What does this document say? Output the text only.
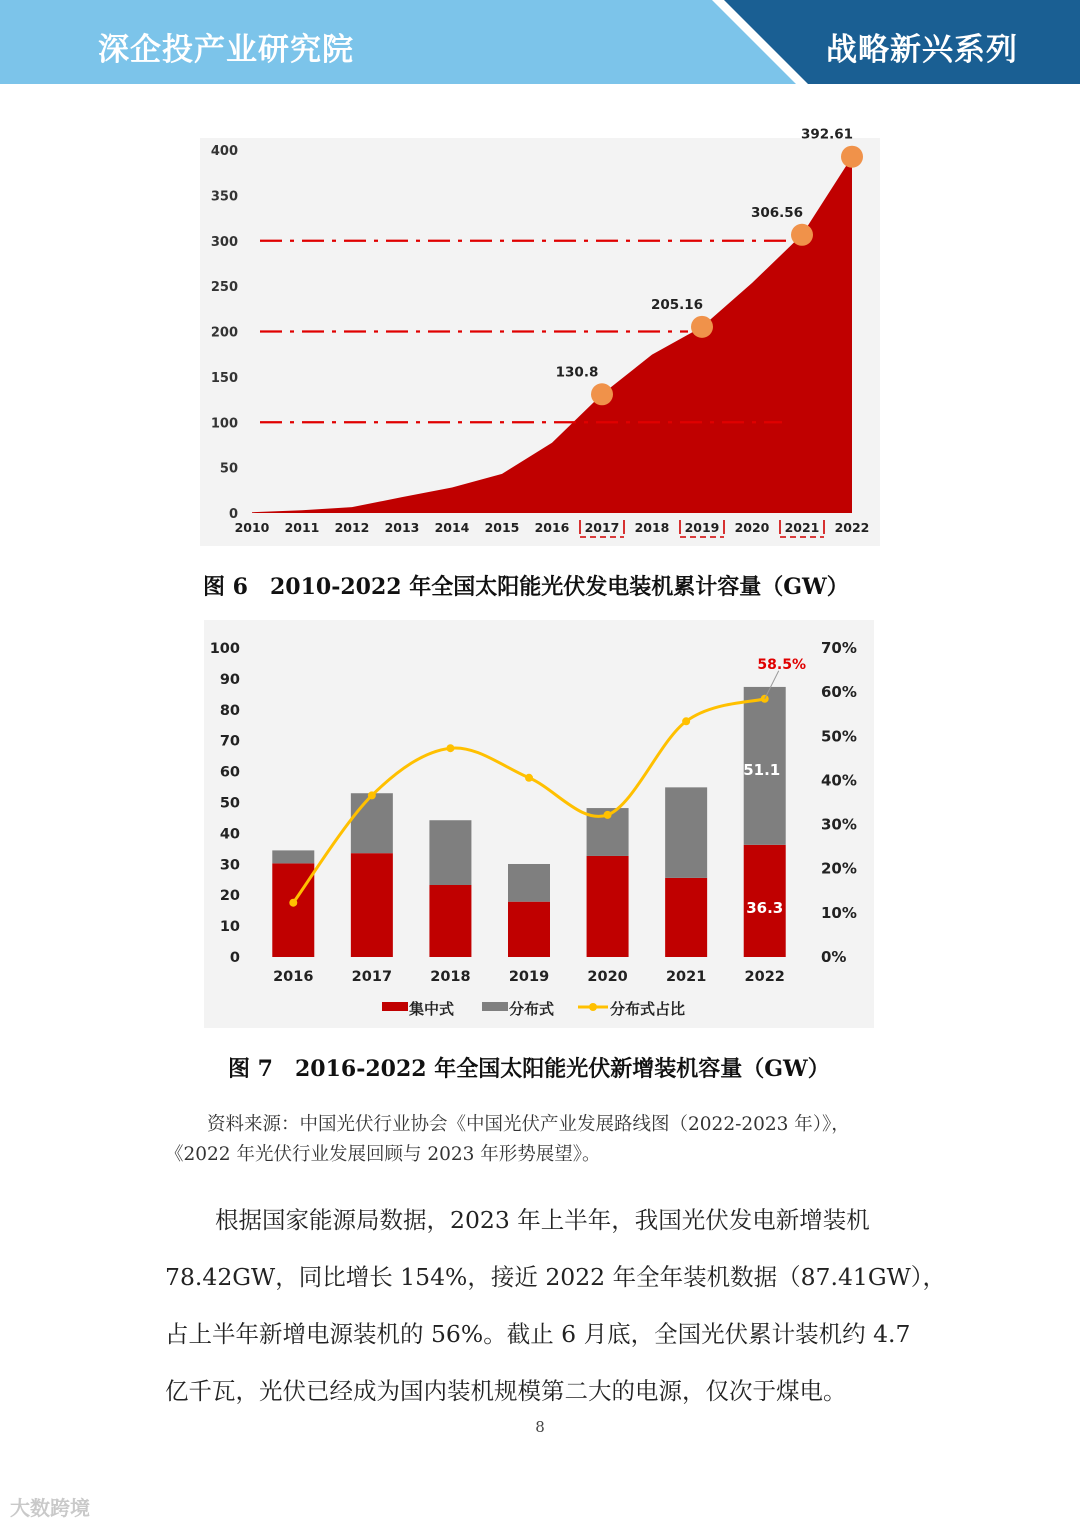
深企投产业研究院	战略新兴系列
0
50
100
150
200
250
300
350
400
2010 2011 2012 2013 2014 2015 2016 2017 2018 2019 2020 2021 2022
130.8
205.16
306.56
392.61
图 6　2010-2022 年全国太阳能光伏发电装机累计容量（GW）
0
10
20
30
40
50
60
70
80
90
100
0%
10%
20%
30%
40%
50%
60%
70%
2016	2017	2018	2019	2020	2021	2022
36.3
51.1
58.5%
集中式	分布式	分布式占比
图 7　2016-2022 年全国太阳能光伏新增装机容量（GW）
资料来源：中国光伏行业协会《中国光伏产业发展路线图（2022-2023 年）》，
《2022 年光伏行业发展回顾与 2023 年形势展望》。
根据国家能源局数据，2023 年上半年，我国光伏发电新增装机
78.42GW，同比增长 154%，接近 2022 年全年装机数据（87.41GW），
占上半年新增电源装机的 56%。截止 6 月底，全国光伏累计装机约 4.7
亿千瓦，光伏已经成为国内装机规模第二大的电源，仅次于煤电。
8
大数跨境
